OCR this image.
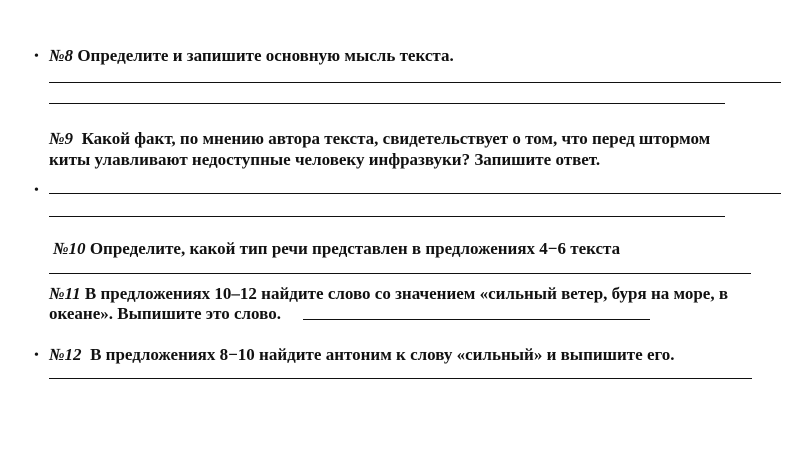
• №8 Определите и запишите основную мысль текста.
№9 Какой факт, по мнению автора текста, свидетельствует о том, что перед штормом
киты улавливают недоступные человеку инфразвуки? Запишите ответ.
•
№10 Определите, какой тип речи представлен в предложениях 4−6 текста
№11 В предложениях 10–12 найдите слово со значением «сильный ветер, буря на море, в
океане». Выпишите это слово.
• №12 В предложениях 8−10 найдите антоним к слову «сильный» и выпишите его.
